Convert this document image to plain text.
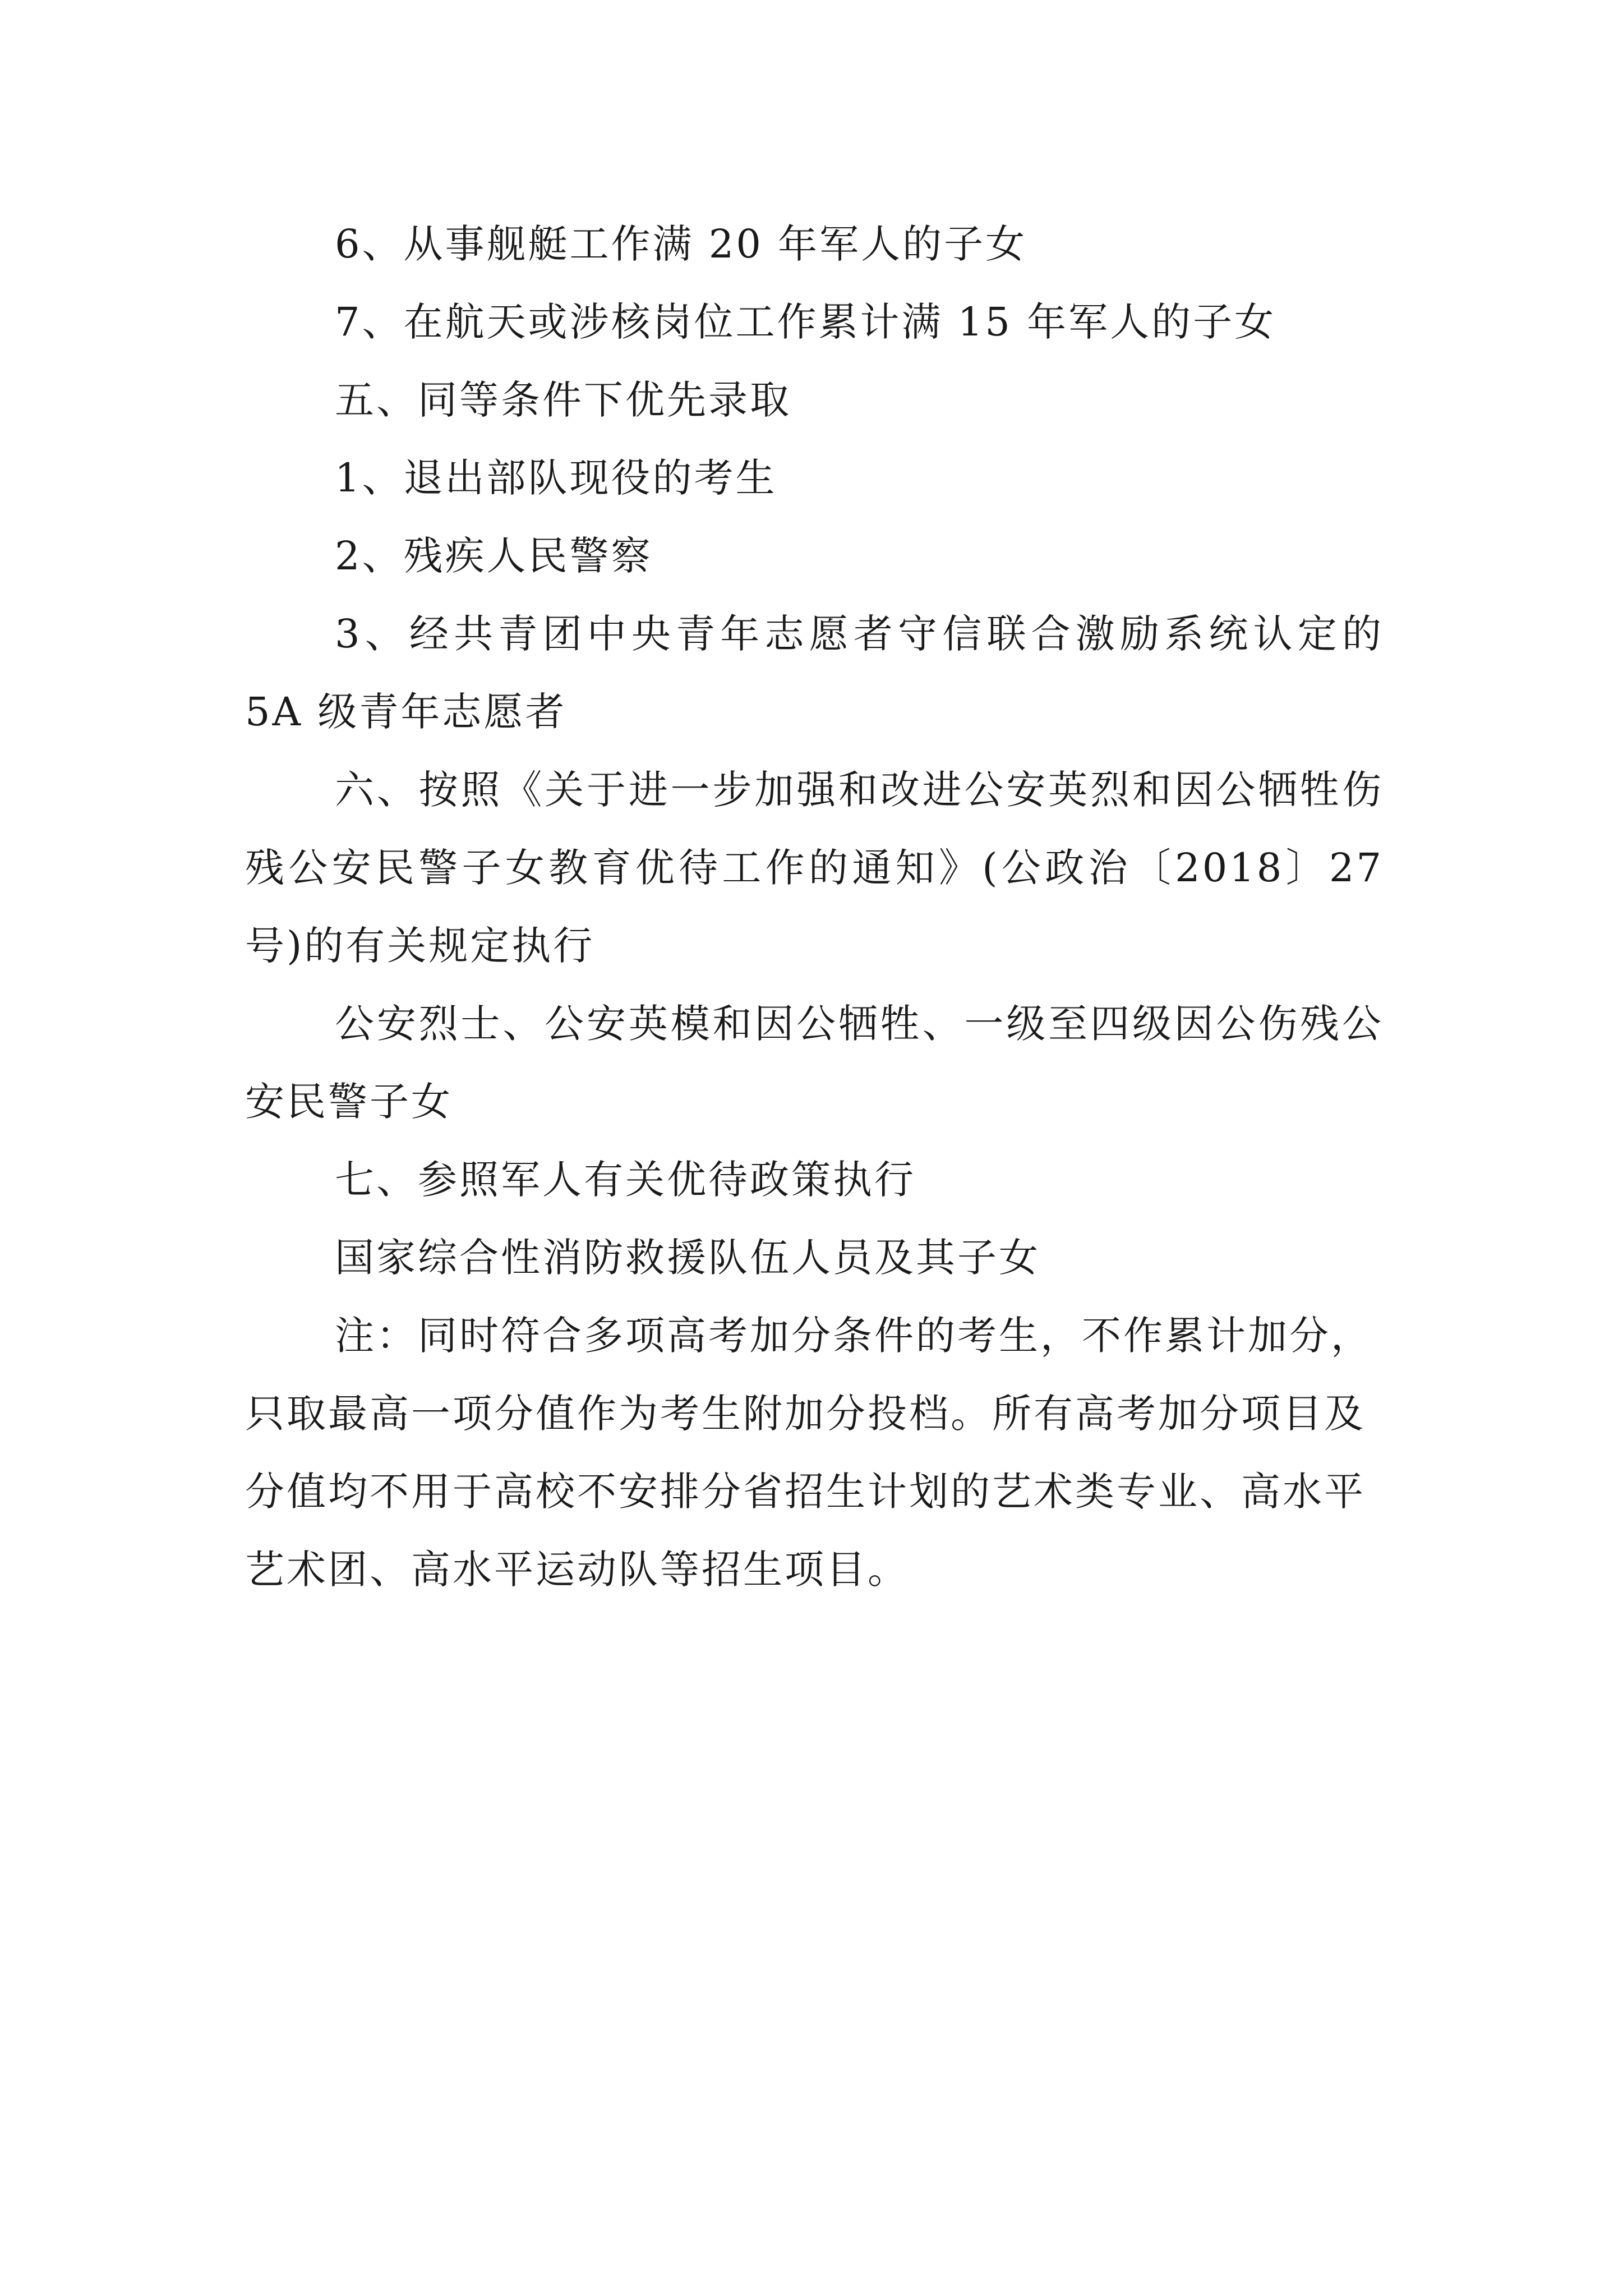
6、从事舰艇工作满 20 年军人的子女

7、在航天或涉核岗位工作累计满 15 年军人的子女

五、同等条件下优先录取

1、退出部队现役的考生

2、残疾人民警察

3、经共青团中央青年志愿者守信联合激励系统认定的 5A 级青年志愿者

六、按照《关于进一步加强和改进公安英烈和因公牺牲伤残公安民警子女教育优待工作的通知》(公政治〔2018〕27 号)的有关规定执行

公安烈士、公安英模和因公牺牲、一级至四级因公伤残公安民警子女

七、参照军人有关优待政策执行

国家综合性消防救援队伍人员及其子女

注：同时符合多项高考加分条件的考生，不作累计加分，只取最高一项分值作为考生附加分投档。所有高考加分项目及分值均不用于高校不安排分省招生计划的艺术类专业、高水平艺术团、高水平运动队等招生项目。
